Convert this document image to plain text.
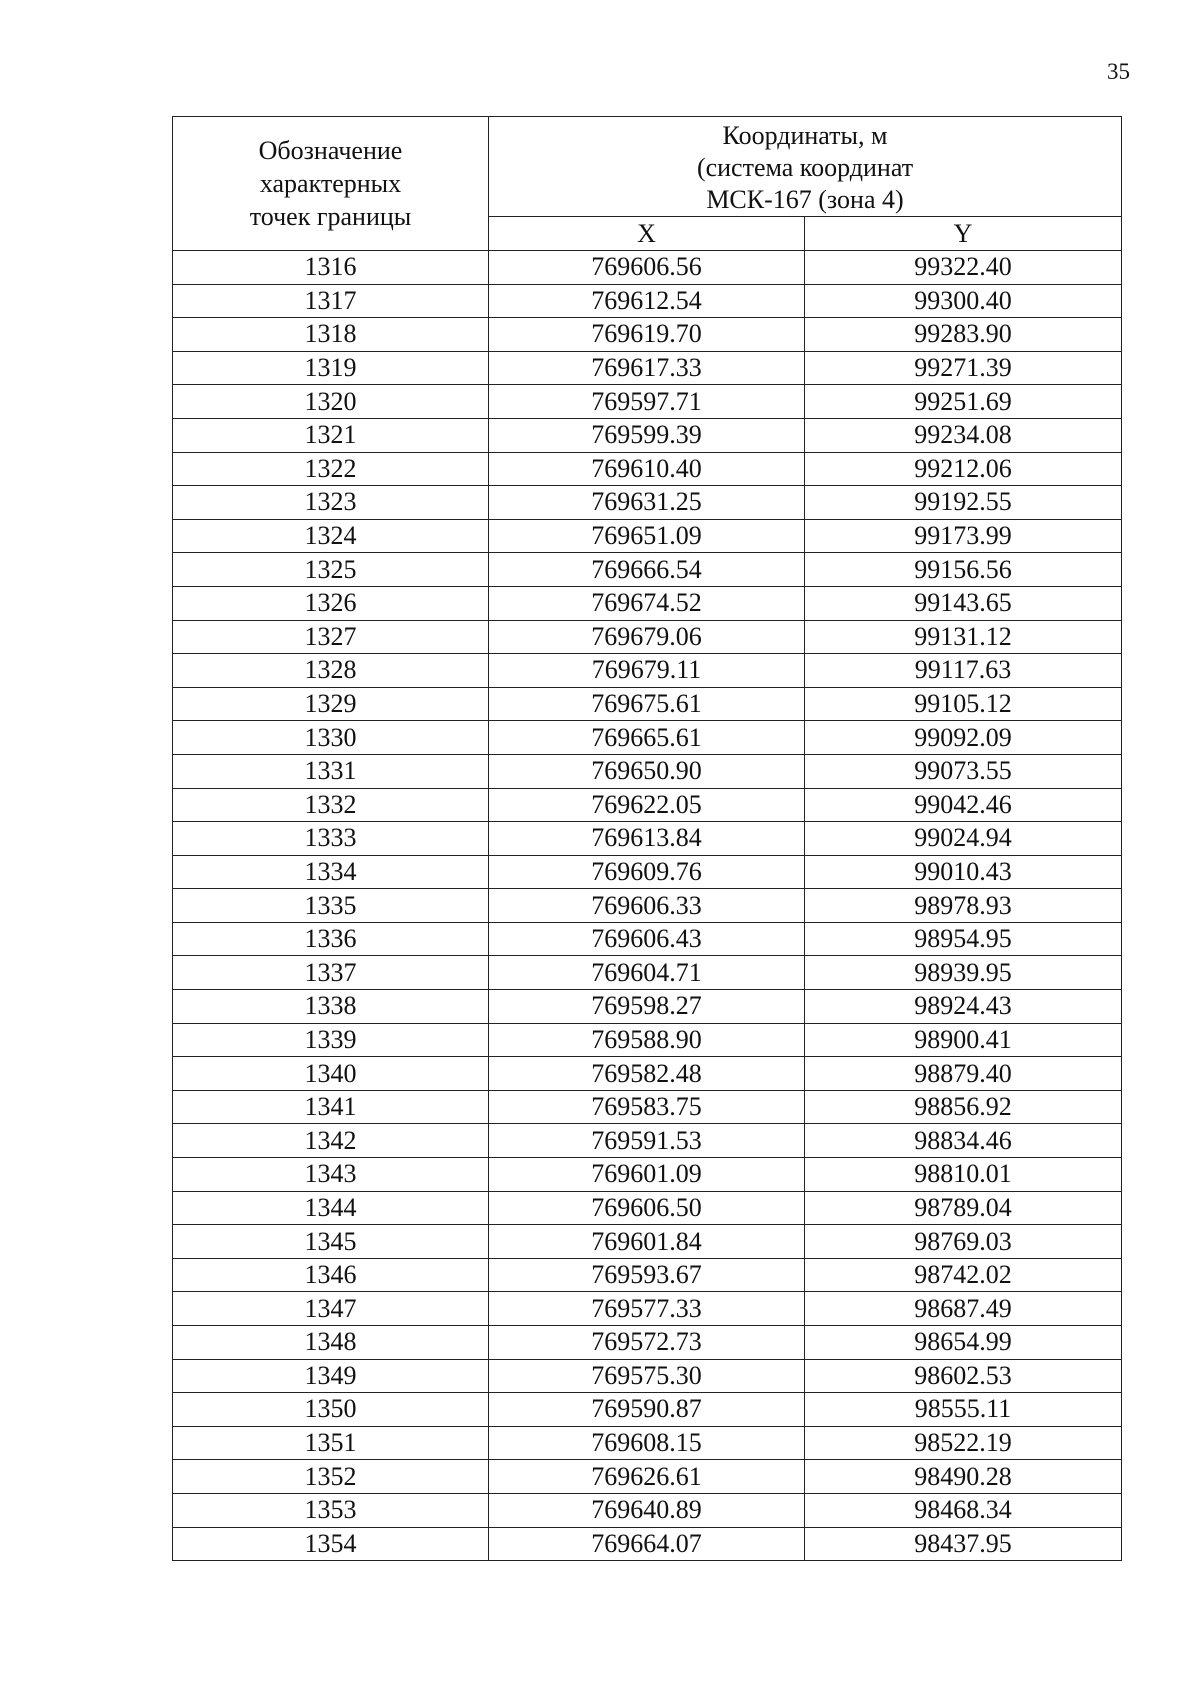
35
Обозначение
характерных
точек границы	Координаты, м
(система координат
МСК-167 (зона 4)	

	X	Y
1316	769606.56	99322.40
1317	769612.54	99300.40
1318	769619.70	99283.90
1319	769617.33	99271.39
1320	769597.71	99251.69
1321	769599.39	99234.08
1322	769610.40	99212.06
1323	769631.25	99192.55
1324	769651.09	99173.99
1325	769666.54	99156.56
1326	769674.52	99143.65
1327	769679.06	99131.12
1328	769679.11	99117.63
1329	769675.61	99105.12
1330	769665.61	99092.09
1331	769650.90	99073.55
1332	769622.05	99042.46
1333	769613.84	99024.94
1334	769609.76	99010.43
1335	769606.33	98978.93
1336	769606.43	98954.95
1337	769604.71	98939.95
1338	769598.27	98924.43
1339	769588.90	98900.41
1340	769582.48	98879.40
1341	769583.75	98856.92
1342	769591.53	98834.46
1343	769601.09	98810.01
1344	769606.50	98789.04
1345	769601.84	98769.03
1346	769593.67	98742.02
1347	769577.33	98687.49
1348	769572.73	98654.99
1349	769575.30	98602.53
1350	769590.87	98555.11
1351	769608.15	98522.19
1352	769626.61	98490.28
1353	769640.89	98468.34
1354	769664.07	98437.95
